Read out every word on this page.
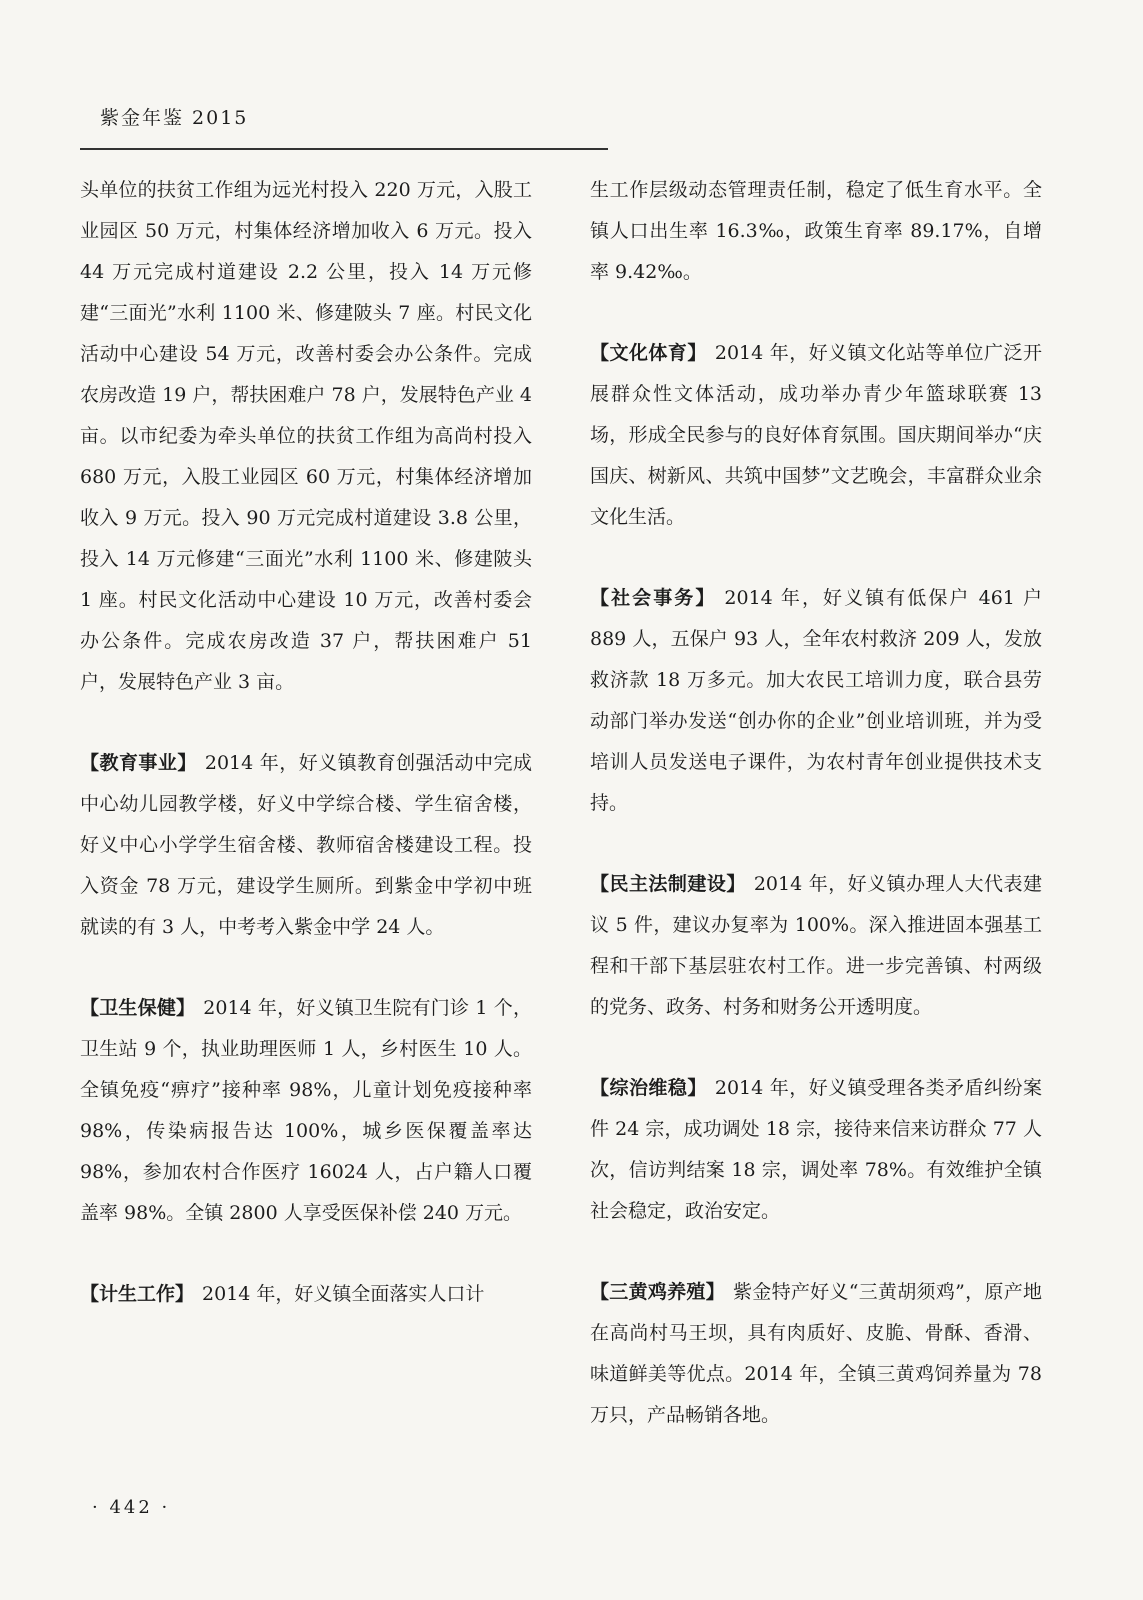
紫金年鉴 2015

头单位的扶贫工作组为远光村投入 220 万元，入股工业园区 50 万元，村集体经济增加收入 6 万元。投入 44 万元完成村道建设 2.2 公里，投入 14 万元修建“三面光”水利 1100 米、修建陂头 7 座。村民文化活动中心建设 54 万元，改善村委会办公条件。完成农房改造 19 户，帮扶困难户 78 户，发展特色产业 4 亩。以市纪委为牵头单位的扶贫工作组为高尚村投入 680 万元，入股工业园区 60 万元，村集体经济增加收入 9 万元。投入 90 万元完成村道建设 3.8 公里，投入 14 万元修建“三面光”水利 1100 米、修建陂头 1 座。村民文化活动中心建设 10 万元，改善村委会办公条件。完成农房改造 37 户，帮扶困难户 51 户，发展特色产业 3 亩。

【教育事业】 2014 年，好义镇教育创强活动中完成中心幼儿园教学楼，好义中学综合楼、学生宿舍楼，好义中心小学学生宿舍楼、教师宿舍楼建设工程。投入资金 78 万元，建设学生厕所。到紫金中学初中班就读的有 3 人，中考考入紫金中学 24 人。

【卫生保健】 2014 年，好义镇卫生院有门诊 1 个，卫生站 9 个，执业助理医师 1 人，乡村医生 10 人。全镇免疫“痹疗”接种率 98%，儿童计划免疫接种率 98%，传染病报告达 100%，城乡医保覆盖率达 98%，参加农村合作医疗 16024 人，占户籍人口覆盖率 98%。全镇 2800 人享受医保补偿 240 万元。

【计生工作】 2014 年，好义镇全面落实人口计

生工作层级动态管理责任制，稳定了低生育水平。全镇人口出生率 16.3‰，政策生育率 89.17%，自增率 9.42‰。

【文化体育】 2014 年，好义镇文化站等单位广泛开展群众性文体活动，成功举办青少年篮球联赛 13 场，形成全民参与的良好体育氛围。国庆期间举办“庆国庆、树新风、共筑中国梦”文艺晚会，丰富群众业余文化生活。

【社会事务】 2014 年，好义镇有低保户 461 户 889 人，五保户 93 人，全年农村救济 209 人，发放救济款 18 万多元。加大农民工培训力度，联合县劳动部门举办发送“创办你的企业”创业培训班，并为受培训人员发送电子课件，为农村青年创业提供技术支持。

【民主法制建设】 2014 年，好义镇办理人大代表建议 5 件，建议办复率为 100%。深入推进固本强基工程和干部下基层驻农村工作。进一步完善镇、村两级的党务、政务、村务和财务公开透明度。

【综治维稳】 2014 年，好义镇受理各类矛盾纠纷案件 24 宗，成功调处 18 宗，接待来信来访群众 77 人次，信访判结案 18 宗，调处率 78%。有效维护全镇社会稳定，政治安定。

【三黄鸡养殖】 紫金特产好义“三黄胡须鸡”，原产地在高尚村马王坝，具有肉质好、皮脆、骨酥、香滑、味道鲜美等优点。2014 年，全镇三黄鸡饲养量为 78 万只，产品畅销各地。

· 442 ·
